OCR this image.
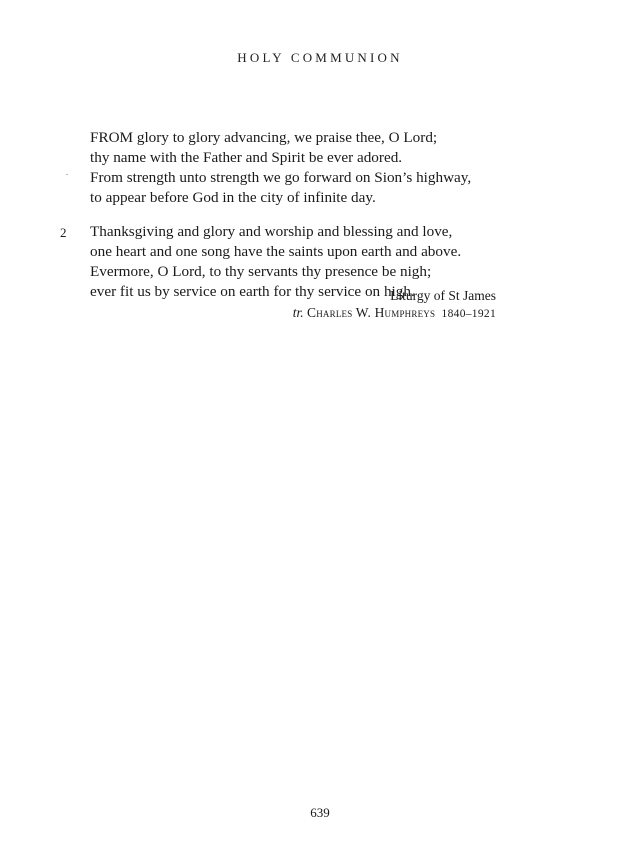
HOLY COMMUNION
FROM glory to glory advancing, we praise thee, O Lord;
thy name with the Father and Spirit be ever adored.
From strength unto strength we go forward on Sion’s highway,
to appear before God in the city of infinite day.
2	Thanksgiving and glory and worship and blessing and love,
one heart and one song have the saints upon earth and above.
Evermore, O Lord, to thy servants thy presence be nigh;
ever fit us by service on earth for thy service on high.
Liturgy of St James
tr. Charles W. Humphreys 1840–1921
639
